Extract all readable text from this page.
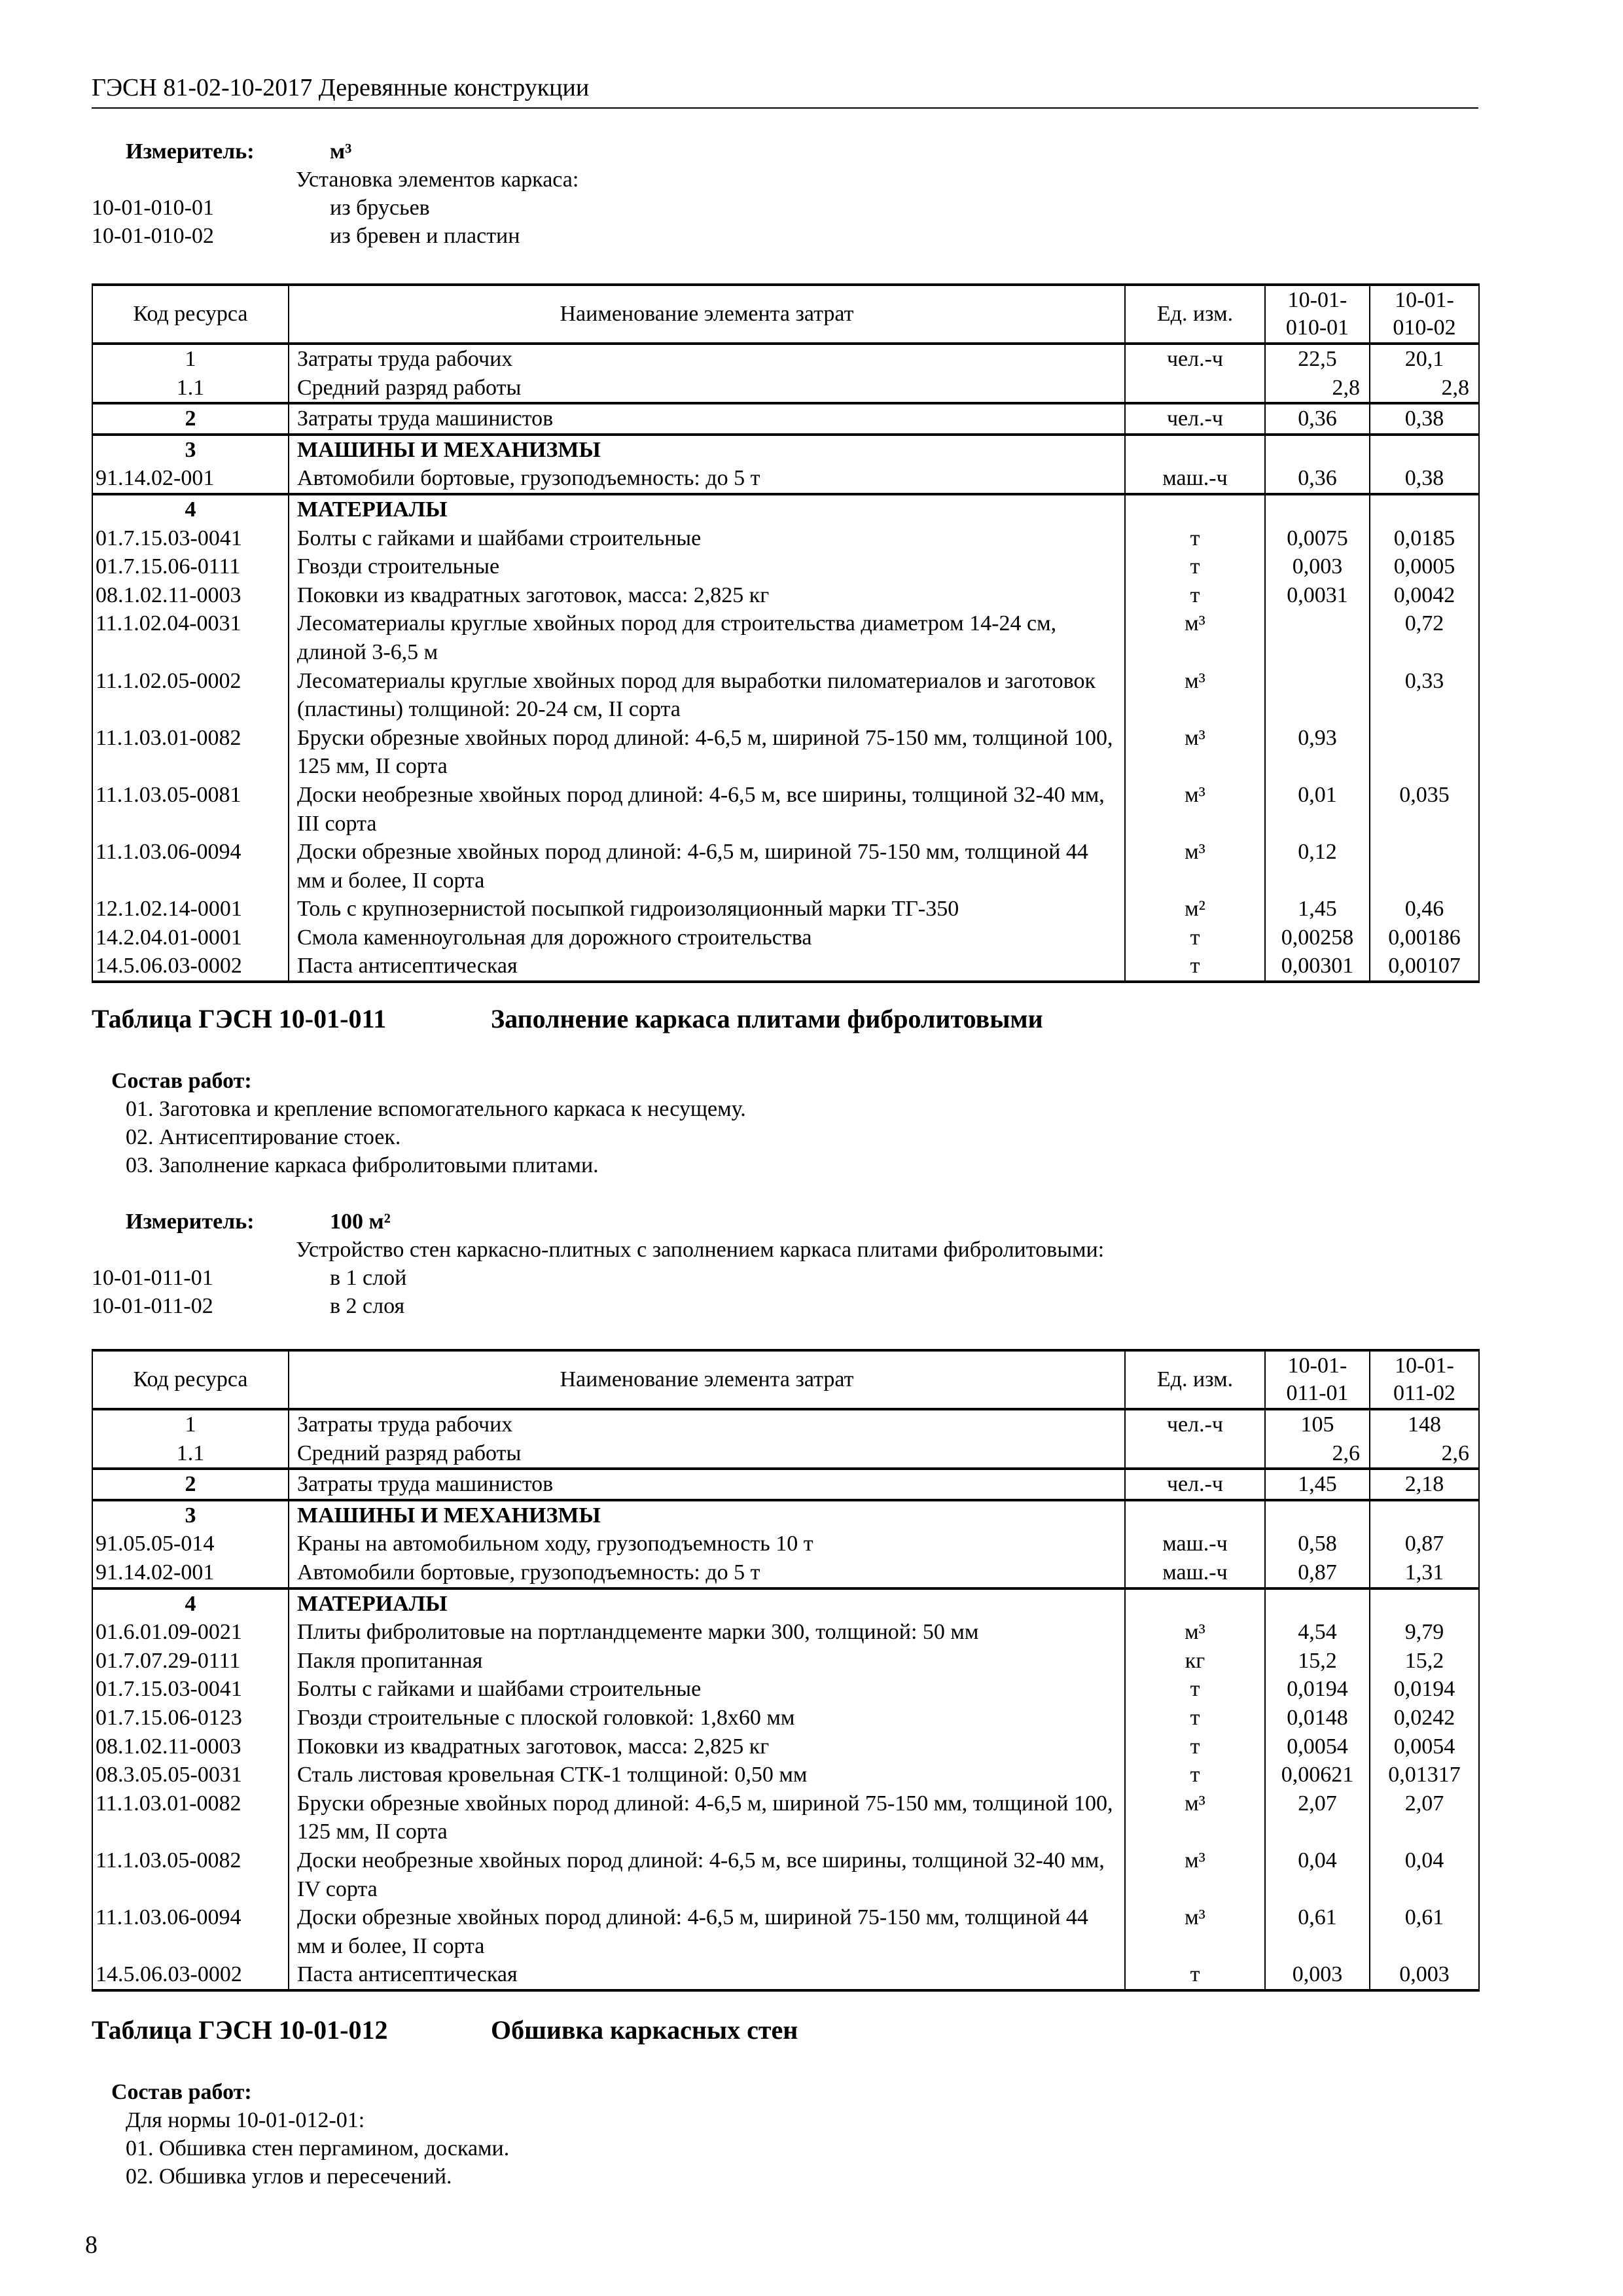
ГЭСН 81-02-10-2017 Деревянные конструкции
Измеритель:	м³
Установка элементов каркаса:
10-01-010-01	из брусьев
10-01-010-02	из бревен и пластин
Код ресурса	Наименование элемента затрат	Ед. изм.	10-01-010-01	10-01-010-02
1	Затраты труда рабочих	чел.-ч	22,5	20,1
1.1	Средний разряд работы		2,8	2,8
2	Затраты труда машинистов	чел.-ч	0,36	0,38
3	МАШИНЫ И МЕХАНИЗМЫ			
91.14.02-001	Автомобили бортовые, грузоподъемность: до 5 т	маш.-ч	0,36	0,38
4	МАТЕРИАЛЫ			
01.7.15.03-0041	Болты с гайками и шайбами строительные	т	0,0075	0,0185
01.7.15.06-0111	Гвозди строительные	т	0,003	0,0005
08.1.02.11-0003	Поковки из квадратных заготовок, масса: 2,825 кг	т	0,0031	0,0042
11.1.02.04-0031	Лесоматериалы круглые хвойных пород для строительства диаметром 14-24 см, длиной 3-6,5 м	м³		0,72
11.1.02.05-0002	Лесоматериалы круглые хвойных пород для выработки пиломатериалов и заготовок (пластины) толщиной: 20-24 см, II сорта	м³		0,33
11.1.03.01-0082	Бруски обрезные хвойных пород длиной: 4-6,5 м, шириной 75-150 мм, толщиной 100, 125 мм, II сорта	м³	0,93	
11.1.03.05-0081	Доски необрезные хвойных пород длиной: 4-6,5 м, все ширины, толщиной 32-40 мм, III сорта	м³	0,01	0,035
11.1.03.06-0094	Доски обрезные хвойных пород длиной: 4-6,5 м, шириной 75-150 мм, толщиной 44 мм и более, II сорта	м³	0,12	
12.1.02.14-0001	Толь с крупнозернистой посыпкой гидроизоляционный марки ТГ-350	м²	1,45	0,46
14.2.04.01-0001	Смола каменноугольная для дорожного строительства	т	0,00258	0,00186
14.5.06.03-0002	Паста антисептическая	т	0,00301	0,00107
Таблица ГЭСН 10-01-011	Заполнение каркаса плитами фибролитовыми
Состав работ:
01. Заготовка и крепление вспомогательного каркаса к несущему.
02. Антисептирование стоек.
03. Заполнение каркаса фибролитовыми плитами.
Измеритель:	100 м²
Устройство стен каркасно-плитных с заполнением каркаса плитами фибролитовыми:
10-01-011-01	в 1 слой
10-01-011-02	в 2 слоя
Код ресурса	Наименование элемента затрат	Ед. изм.	10-01-011-01	10-01-011-02
1	Затраты труда рабочих	чел.-ч	105	148
1.1	Средний разряд работы		2,6	2,6
2	Затраты труда машинистов	чел.-ч	1,45	2,18
3	МАШИНЫ И МЕХАНИЗМЫ			
91.05.05-014	Краны на автомобильном ходу, грузоподъемность 10 т	маш.-ч	0,58	0,87
91.14.02-001	Автомобили бортовые, грузоподъемность: до 5 т	маш.-ч	0,87	1,31
4	МАТЕРИАЛЫ			
01.6.01.09-0021	Плиты фибролитовые на портландцементе марки 300, толщиной: 50 мм	м³	4,54	9,79
01.7.07.29-0111	Пакля пропитанная	кг	15,2	15,2
01.7.15.03-0041	Болты с гайками и шайбами строительные	т	0,0194	0,0194
01.7.15.06-0123	Гвозди строительные с плоской головкой: 1,8х60 мм	т	0,0148	0,0242
08.1.02.11-0003	Поковки из квадратных заготовок, масса: 2,825 кг	т	0,0054	0,0054
08.3.05.05-0031	Сталь листовая кровельная СТК-1 толщиной: 0,50 мм	т	0,00621	0,01317
11.1.03.01-0082	Бруски обрезные хвойных пород длиной: 4-6,5 м, шириной 75-150 мм, толщиной 100, 125 мм, II сорта	м³	2,07	2,07
11.1.03.05-0082	Доски необрезные хвойных пород длиной: 4-6,5 м, все ширины, толщиной 32-40 мм, IV сорта	м³	0,04	0,04
11.1.03.06-0094	Доски обрезные хвойных пород длиной: 4-6,5 м, шириной 75-150 мм, толщиной 44 мм и более, II сорта	м³	0,61	0,61
14.5.06.03-0002	Паста антисептическая	т	0,003	0,003
Таблица ГЭСН 10-01-012	Обшивка каркасных стен
Состав работ:
Для нормы 10-01-012-01:
01. Обшивка стен пергамином, досками.
02. Обшивка углов и пересечений.
8
